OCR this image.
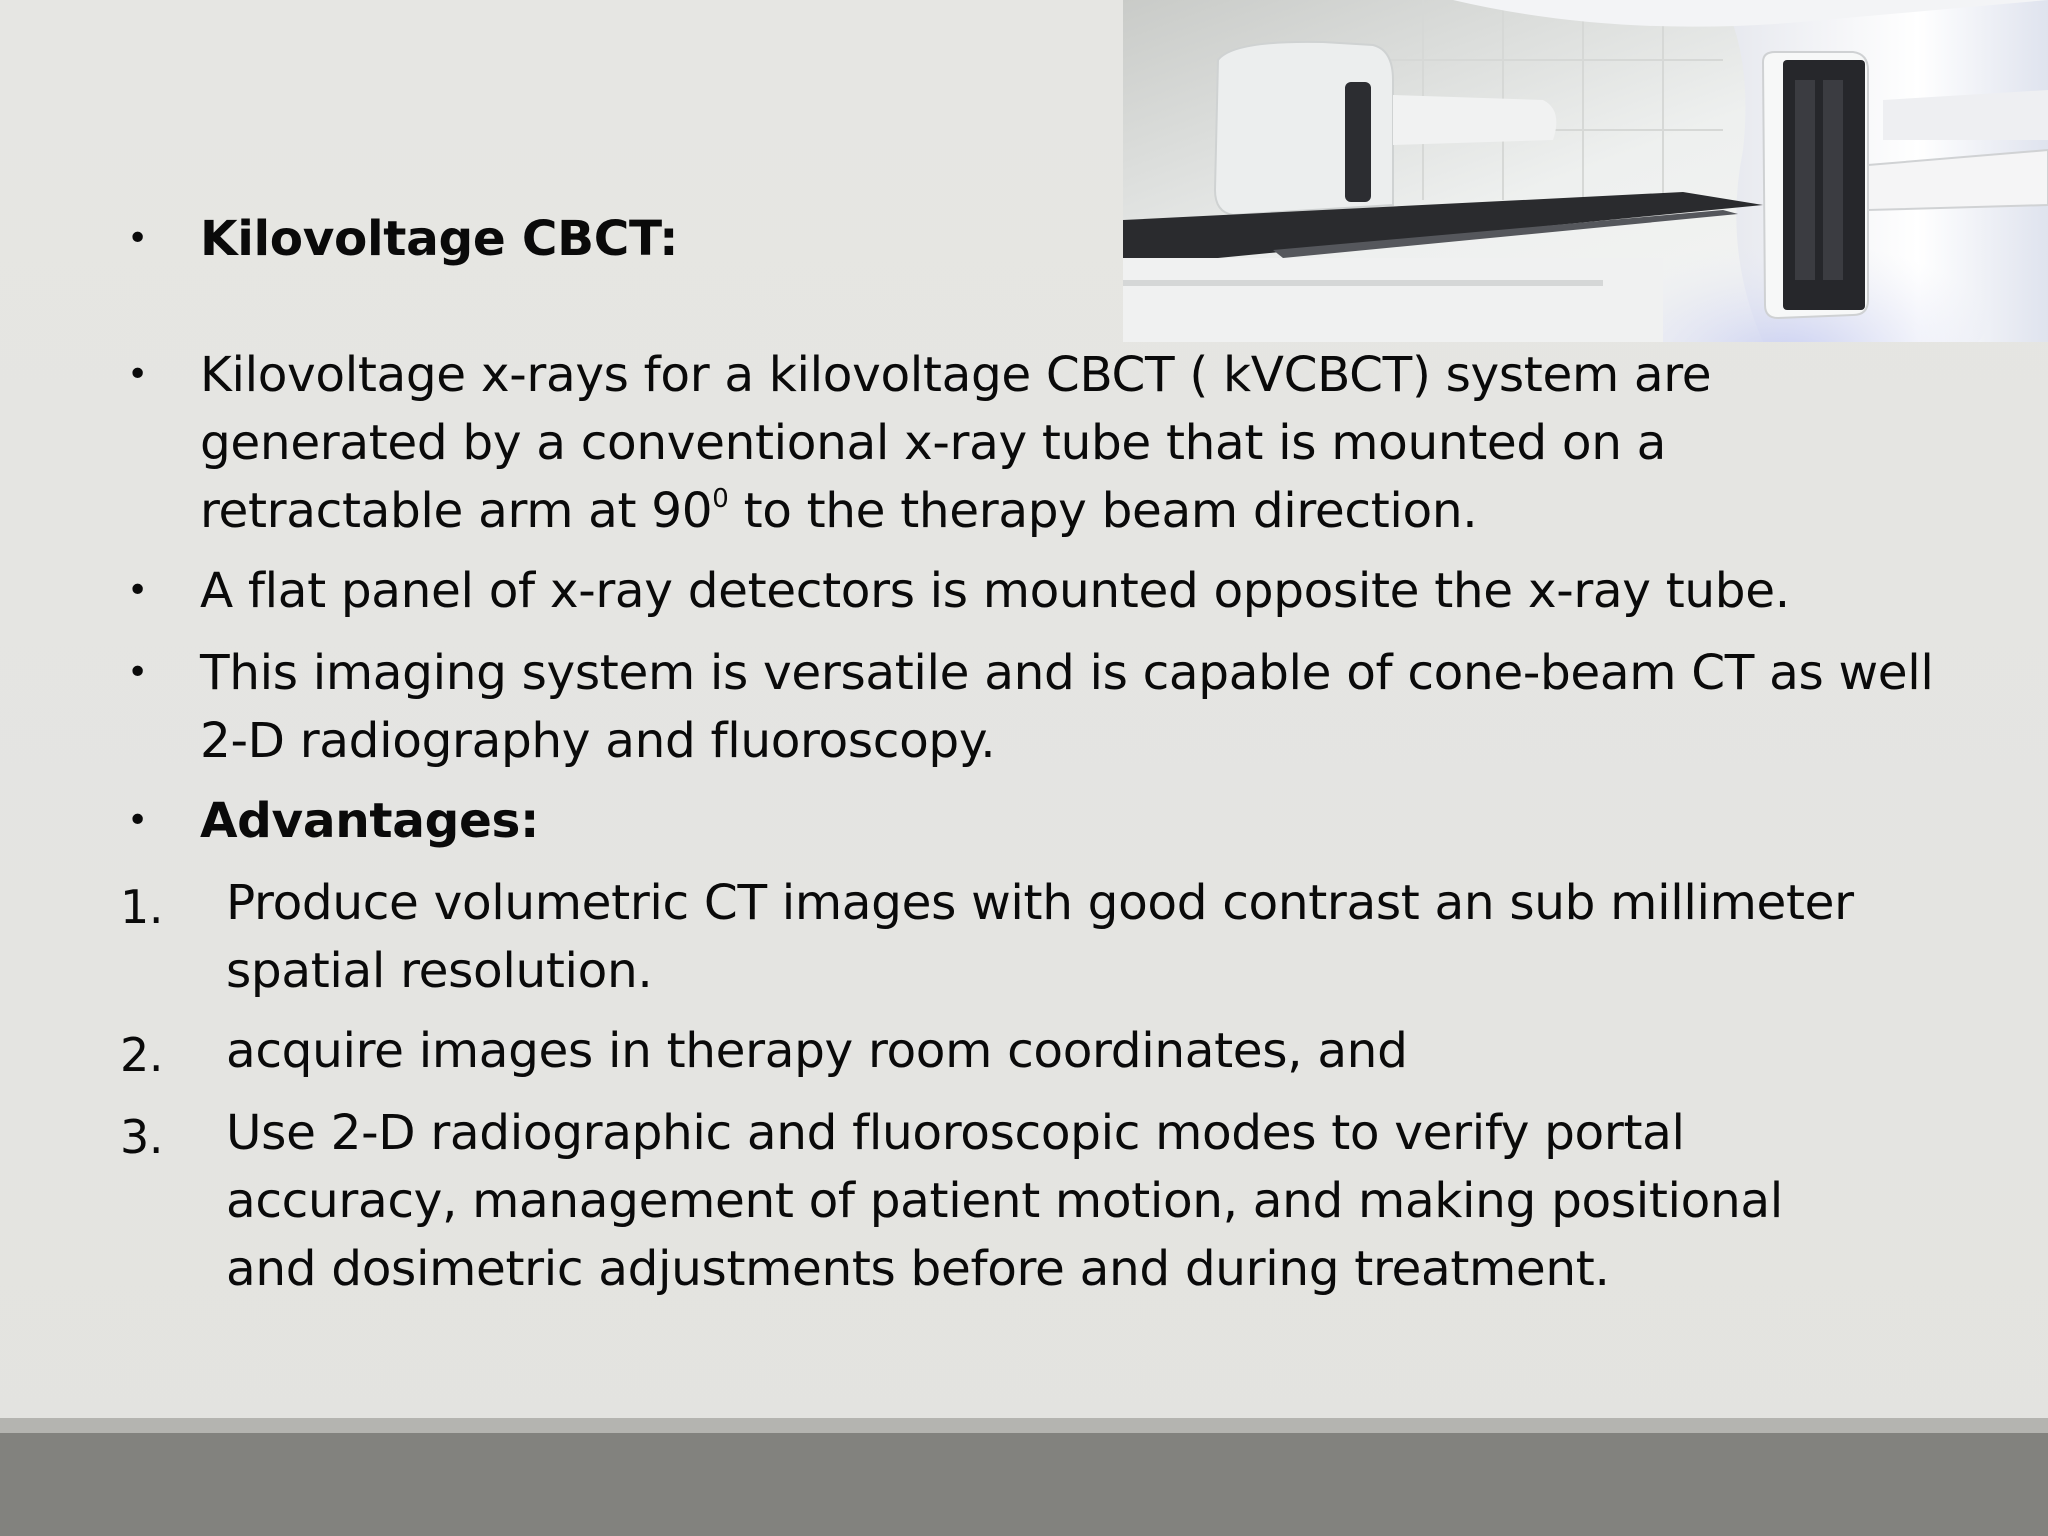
• Kilovoltage CBCT:
• Kilovoltage x-rays for a kilovoltage CBCT ( kVCBCT) system are generated by a conventional x-ray tube that is mounted on a retractable arm at $90^0$ to the therapy beam direction.
• A flat panel of x-ray detectors is mounted opposite the x-ray tube.
• This imaging system is versatile and is capable of cone-beam CT as well 2-D radiography and fluoroscopy.
• Advantages:
1. Produce volumetric CT images with good contrast an sub millimeter spatial resolution.
2. acquire images in therapy room coordinates, and
3. Use 2-D radiographic and fluoroscopic modes to verify portal accuracy, management of patient motion, and making positional and dosimetric adjustments before and during treatment.
